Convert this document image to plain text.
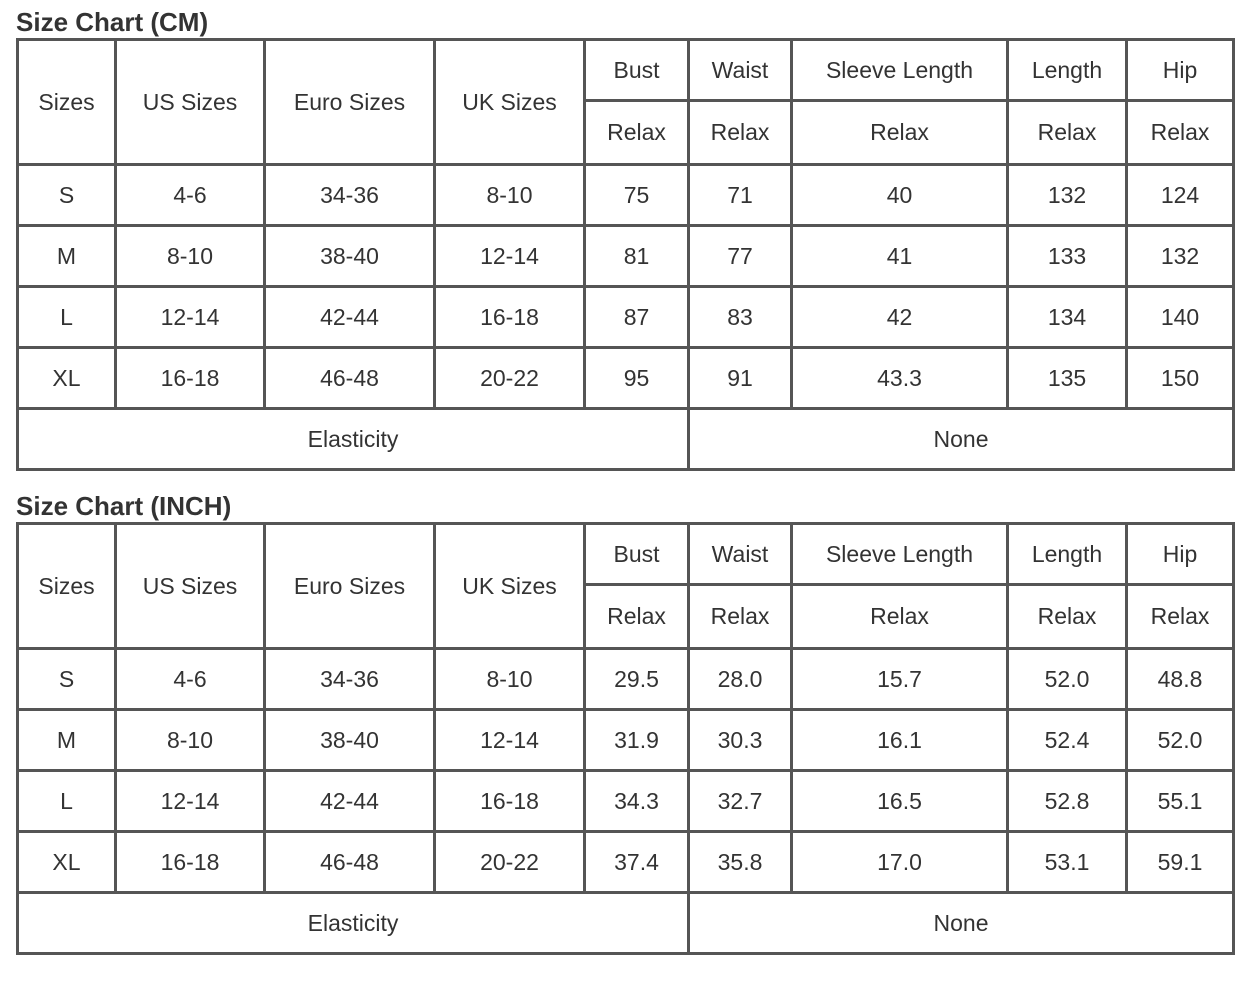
Size Chart (CM)
Sizes	US Sizes	Euro Sizes	UK Sizes	Bust	Waist	Sleeve Length	Length	Hip
				Relax	Relax	Relax	Relax	Relax
S	4-6	34-36	8-10	75	71	40	132	124
M	8-10	38-40	12-14	81	77	41	133	132
L	12-14	42-44	16-18	87	83	42	134	140
XL	16-18	46-48	20-22	95	91	43.3	135	150
Elasticity					None			
Size Chart (INCH)
Sizes	US Sizes	Euro Sizes	UK Sizes	Bust	Waist	Sleeve Length	Length	Hip
				Relax	Relax	Relax	Relax	Relax
S	4-6	34-36	8-10	29.5	28.0	15.7	52.0	48.8
M	8-10	38-40	12-14	31.9	30.3	16.1	52.4	52.0
L	12-14	42-44	16-18	34.3	32.7	16.5	52.8	55.1
XL	16-18	46-48	20-22	37.4	35.8	17.0	53.1	59.1
Elasticity					None			
